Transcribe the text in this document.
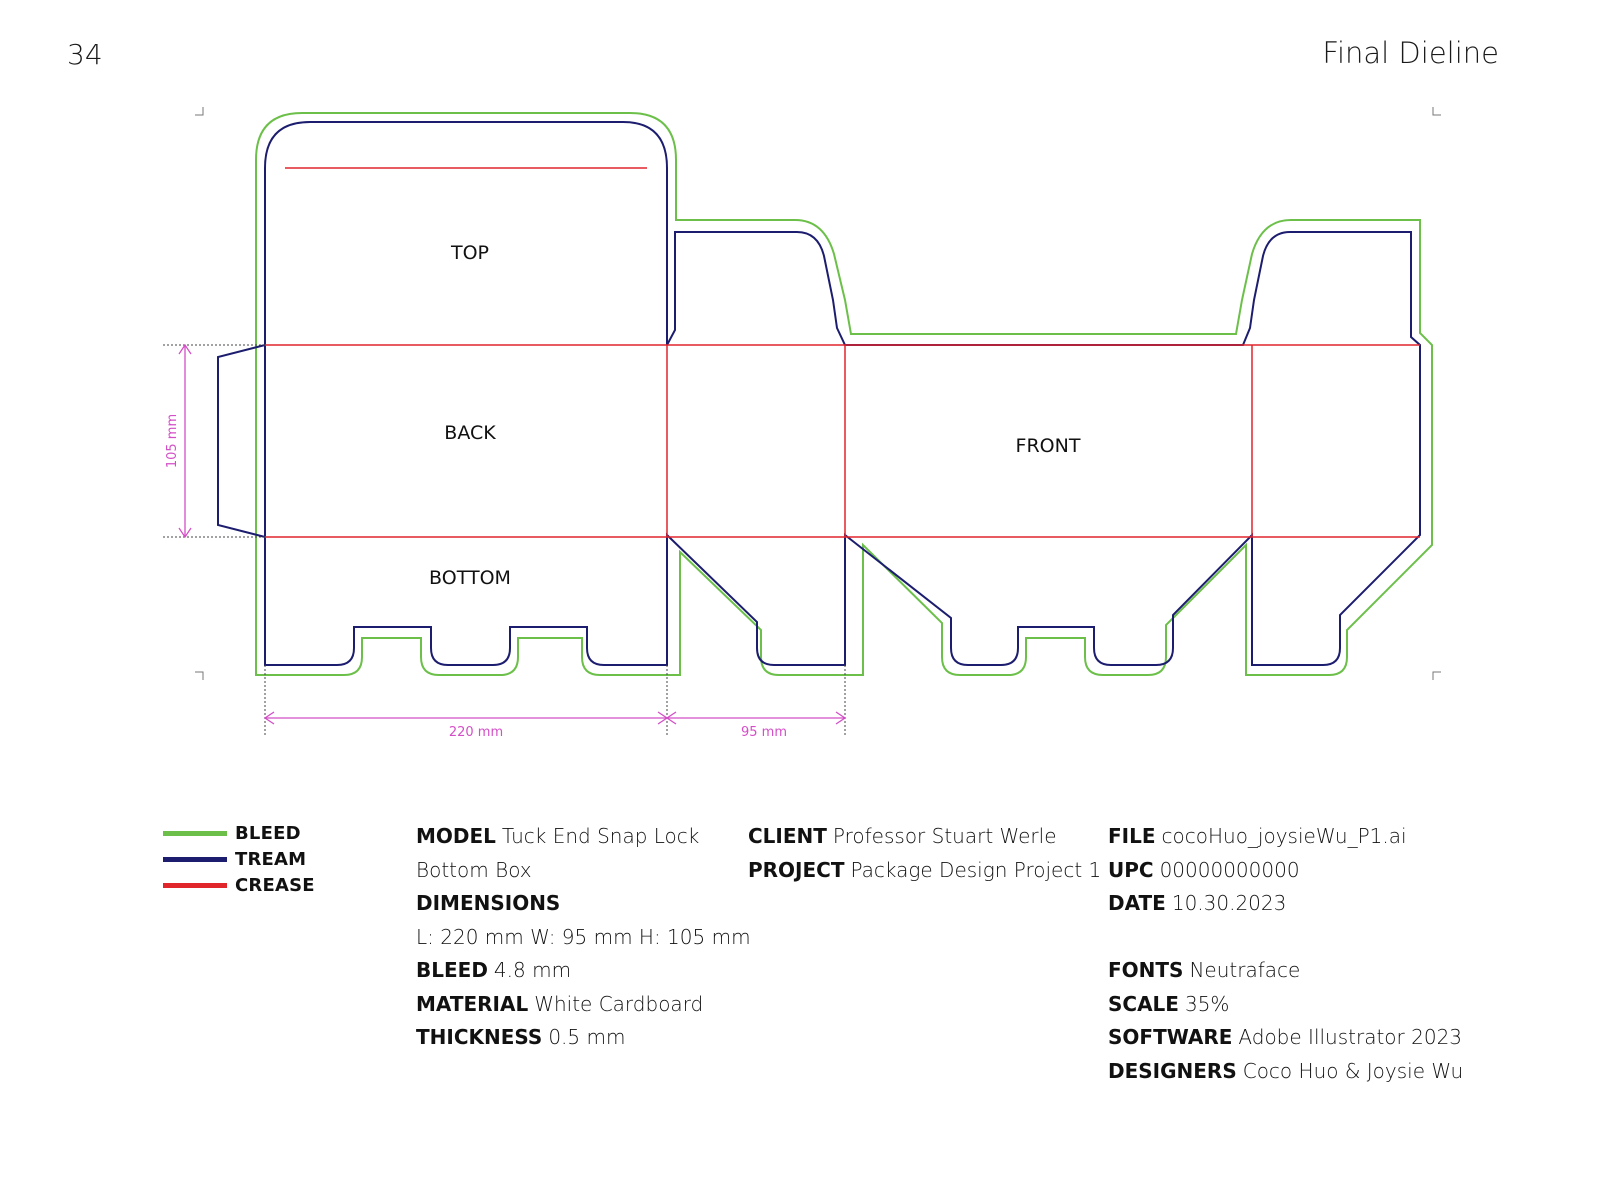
34	Final Dieline
TOP
BACK
BOTTOM
FRONT
105 mm
220 mm	95 mm
BLEED
TREAM
CREASE
MODEL Tuck End Snap Lock
Bottom Box
DIMENSIONS
L: 220 mm W: 95 mm H: 105 mm
BLEED 4.8 mm
MATERIAL White Cardboard
THICKNESS 0.5 mm
CLIENT Professor Stuart Werle
PROJECT Package Design Project 1
FILE cocoHuo_joysieWu_P1.ai
UPC 00000000000
DATE 10.30.2023
FONTS Neutraface
SCALE 35%
SOFTWARE Adobe Illustrator 2023
DESIGNERS Coco Huo & Joysie Wu
